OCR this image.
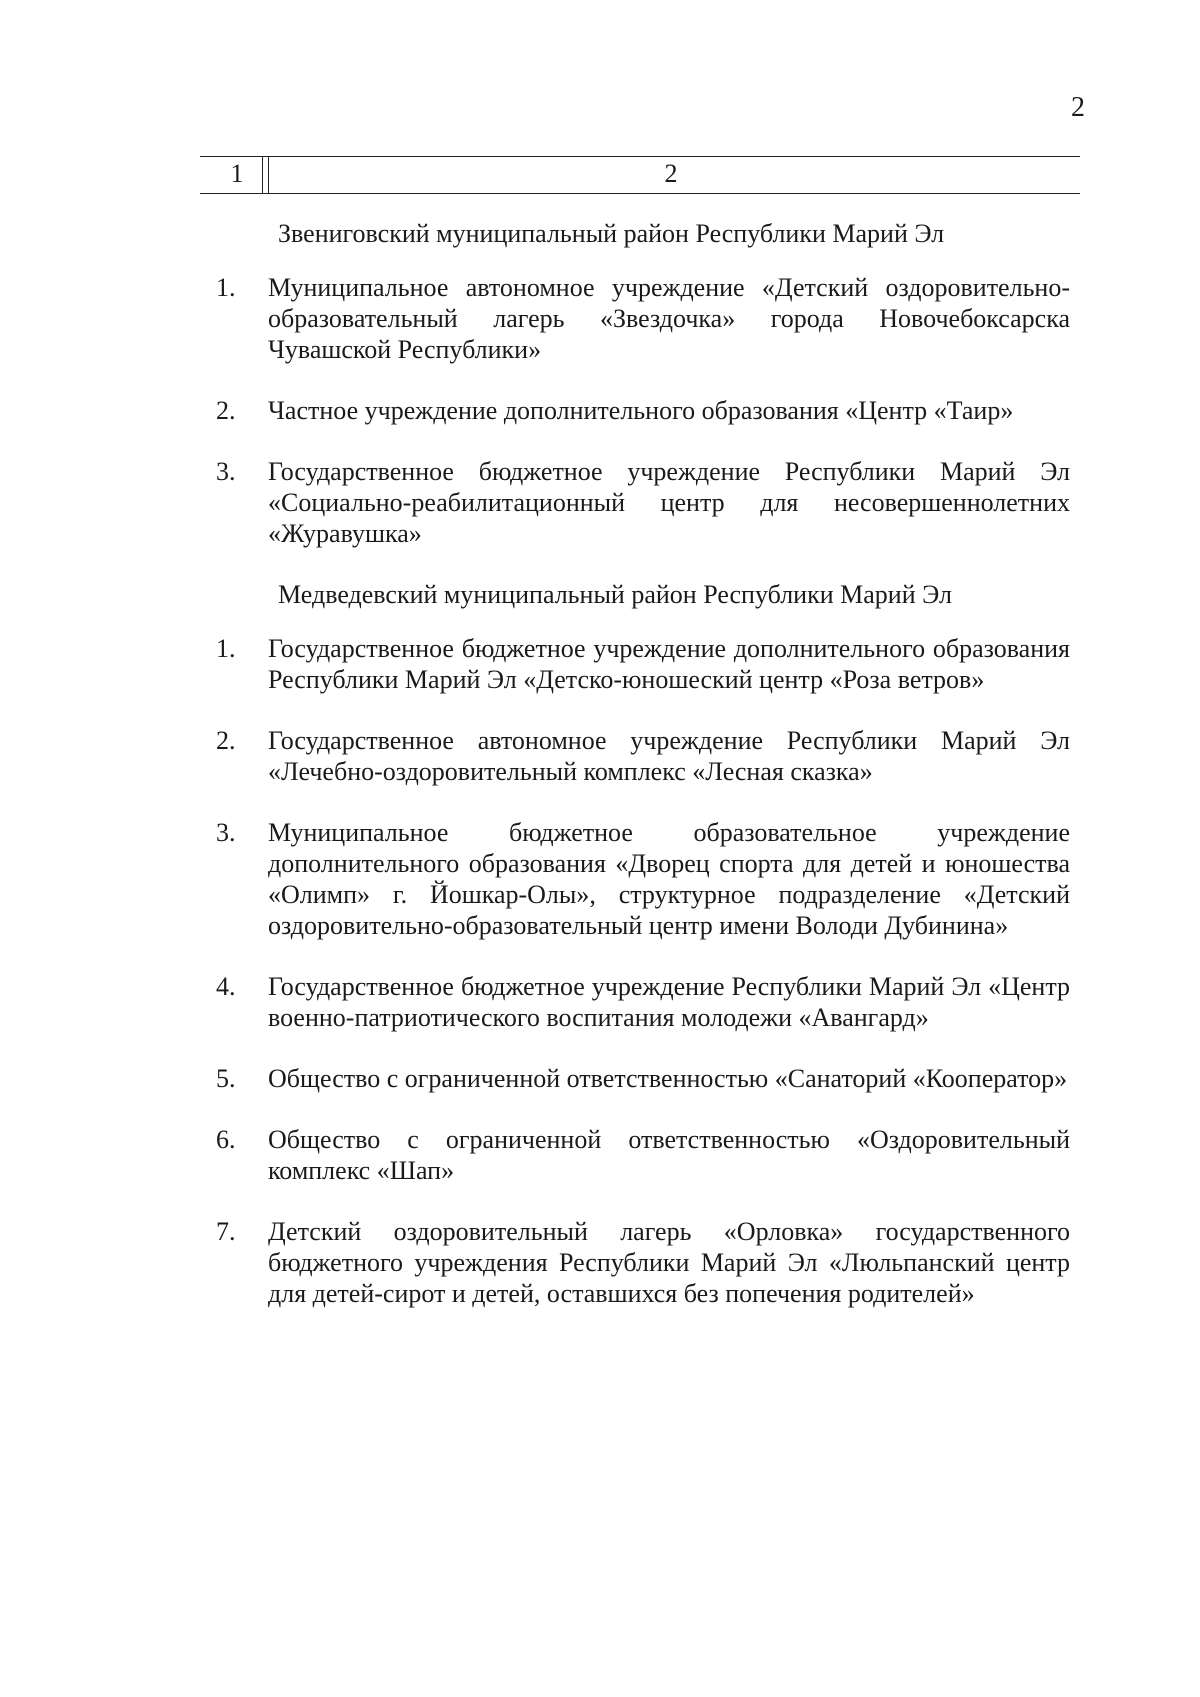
2
1	2
Звениговский муниципальный район Республики Марий Эл
1.	Муниципальное автономное учреждение «Детский оздоровительно-образовательный лагерь «Звездочка» города Новочебоксарска Чувашской Республики»
2.	Частное учреждение дополнительного образования «Центр «Таир»
3.	Государственное бюджетное учреждение Республики Марий Эл «Социально-реабилитационный центр для несовершеннолетних «Журавушка»
Медведевский муниципальный район Республики Марий Эл
1.	Государственное бюджетное учреждение дополнительного образования Республики Марий Эл «Детско-юношеский центр «Роза ветров»
2.	Государственное автономное учреждение Республики Марий Эл «Лечебно-оздоровительный комплекс «Лесная сказка»
3.	Муниципальное бюджетное образовательное учреждение дополнительного образования «Дворец спорта для детей и юношества «Олимп» г. Йошкар-Олы», структурное подразделение «Детский оздоровительно-образовательный центр имени Володи Дубинина»
4.	Государственное бюджетное учреждение Республики Марий Эл «Центр военно-патриотического воспитания молодежи «Авангард»
5.	Общество с ограниченной ответственностью «Санаторий «Кооператор»
6.	Общество с ограниченной ответственностью «Оздоровительный комплекс «Шап»
7.	Детский оздоровительный лагерь «Орловка» государственного бюджетного учреждения Республики Марий Эл «Люльпанский центр для детей-сирот и детей, оставшихся без попечения родителей»
